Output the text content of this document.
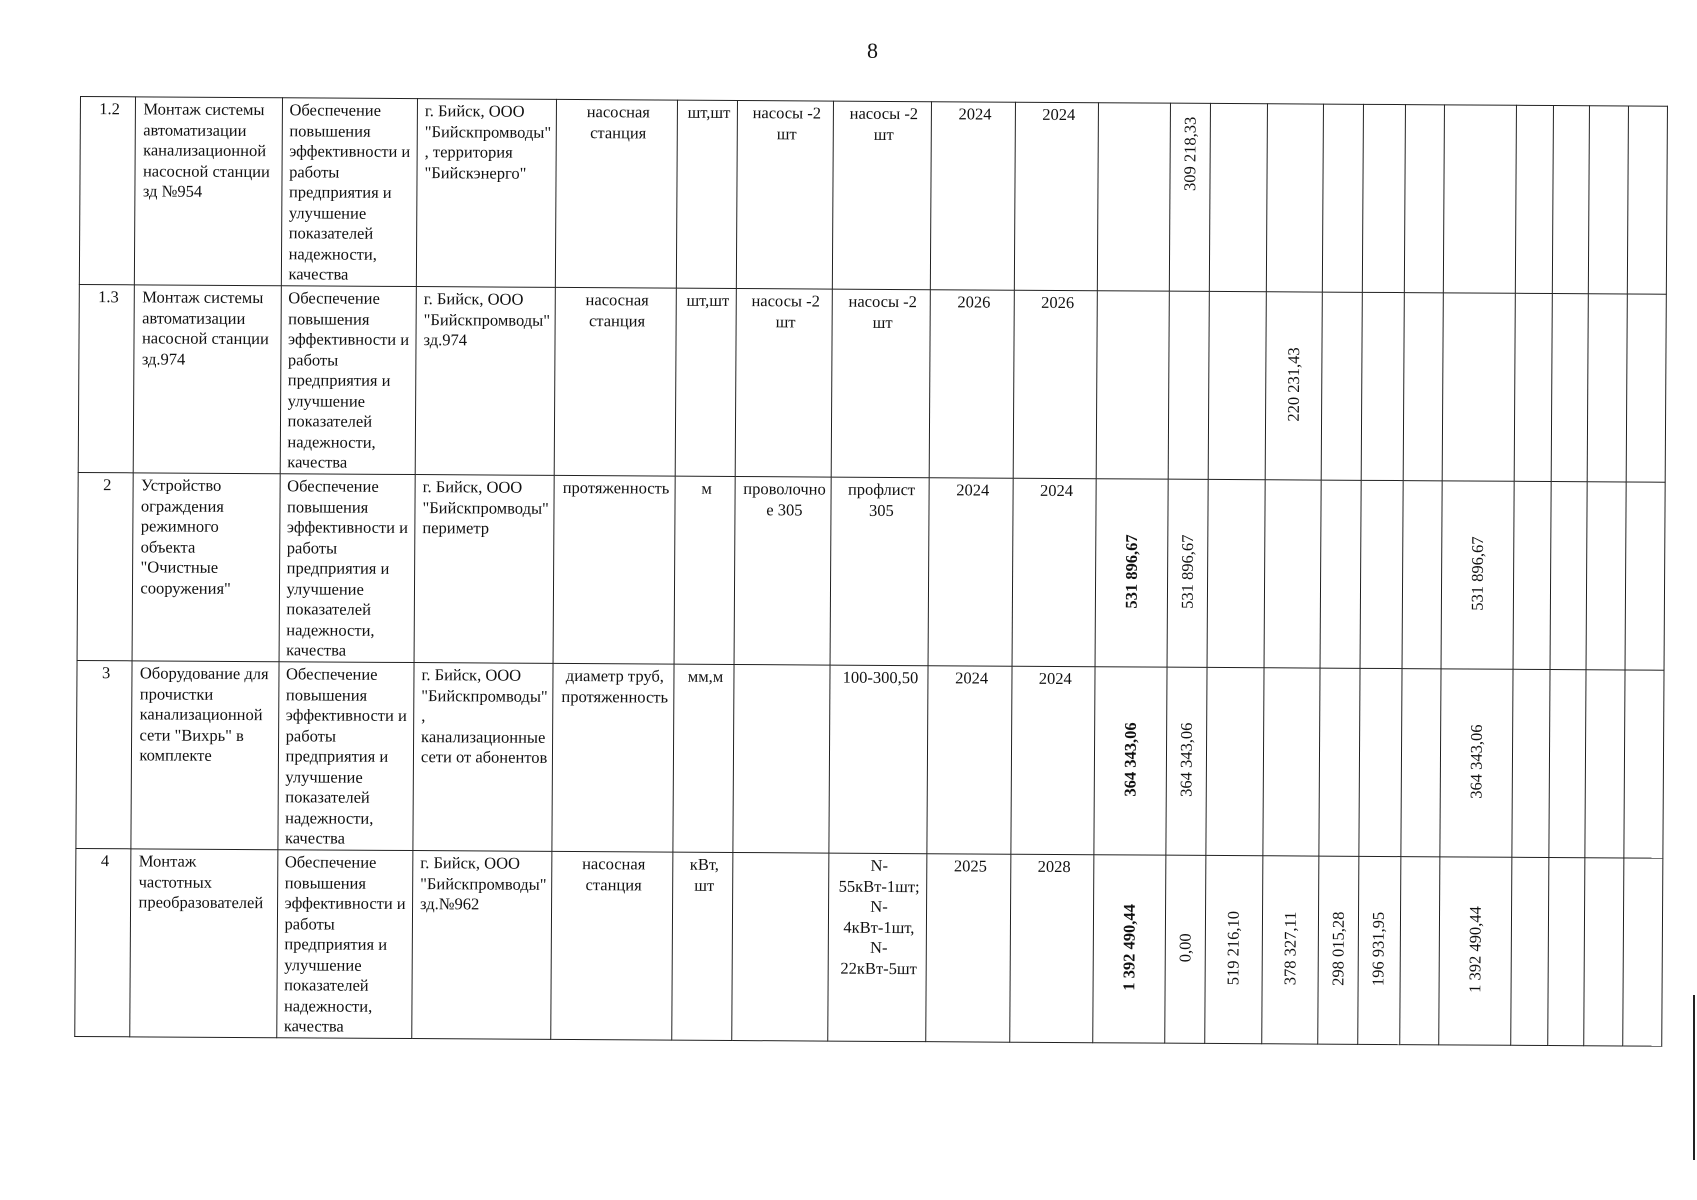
8
1.2	Монтаж системы автоматизации канализационной насосной станции зд №954	Обеспечение повышения эффективности и работы предприятия и улучшение показателей надежности, качества	г. Бийск, ООО "Бийскпромводы", территория "Бийскэнерго"	насосная станция	шт,шт	насосы -2 шт	насосы -2 шт	2024	2024		309 218,33										

1.3	Монтаж системы автоматизации насосной станции зд.974	Обеспечение повышения эффективности и работы предприятия и улучшение показателей надежности, качества	г. Бийск, ООО "Бийскпромводы" зд.974	насосная станция	шт,шт	насосы -2 шт	насосы -2 шт	2026	2026				220 231,43								

2	Устройство ограждения режимного объекта "Очистные сооружения"	Обеспечение повышения эффективности и работы предприятия и улучшение показателей надежности, качества	г. Бийск, ООО "Бийскпромводы" периметр	протяженность	м	проволочное 305	профлист 305	2024	2024	531 896,67	531 896,67						531 896,67				

3	Оборудование для прочистки канализационной сети "Вихрь" в комплекте	Обеспечение повышения эффективности и работы предприятия и улучшение показателей надежности, качества	г. Бийск, ООО "Бийскпромводы" , канализационные сети от абонентов	диаметр труб, протяженность	мм,м		100-300,50	2024	2024	364 343,06	364 343,06						364 343,06				

4	Монтаж частотных преобразователей	Обеспечение повышения эффективности и работы предприятия и улучшение показателей надежности, качества	г. Бийск, ООО "Бийскпромводы" зд.№962	насосная станция	кВт, шт		N-55кВт-1шт; N-4кВт-1шт, N-22кВт-5шт	2025	2028	1 392 490,44	0,00	519 216,10	378 327,11	298 015,28	196 931,95		1 392 490,44				
